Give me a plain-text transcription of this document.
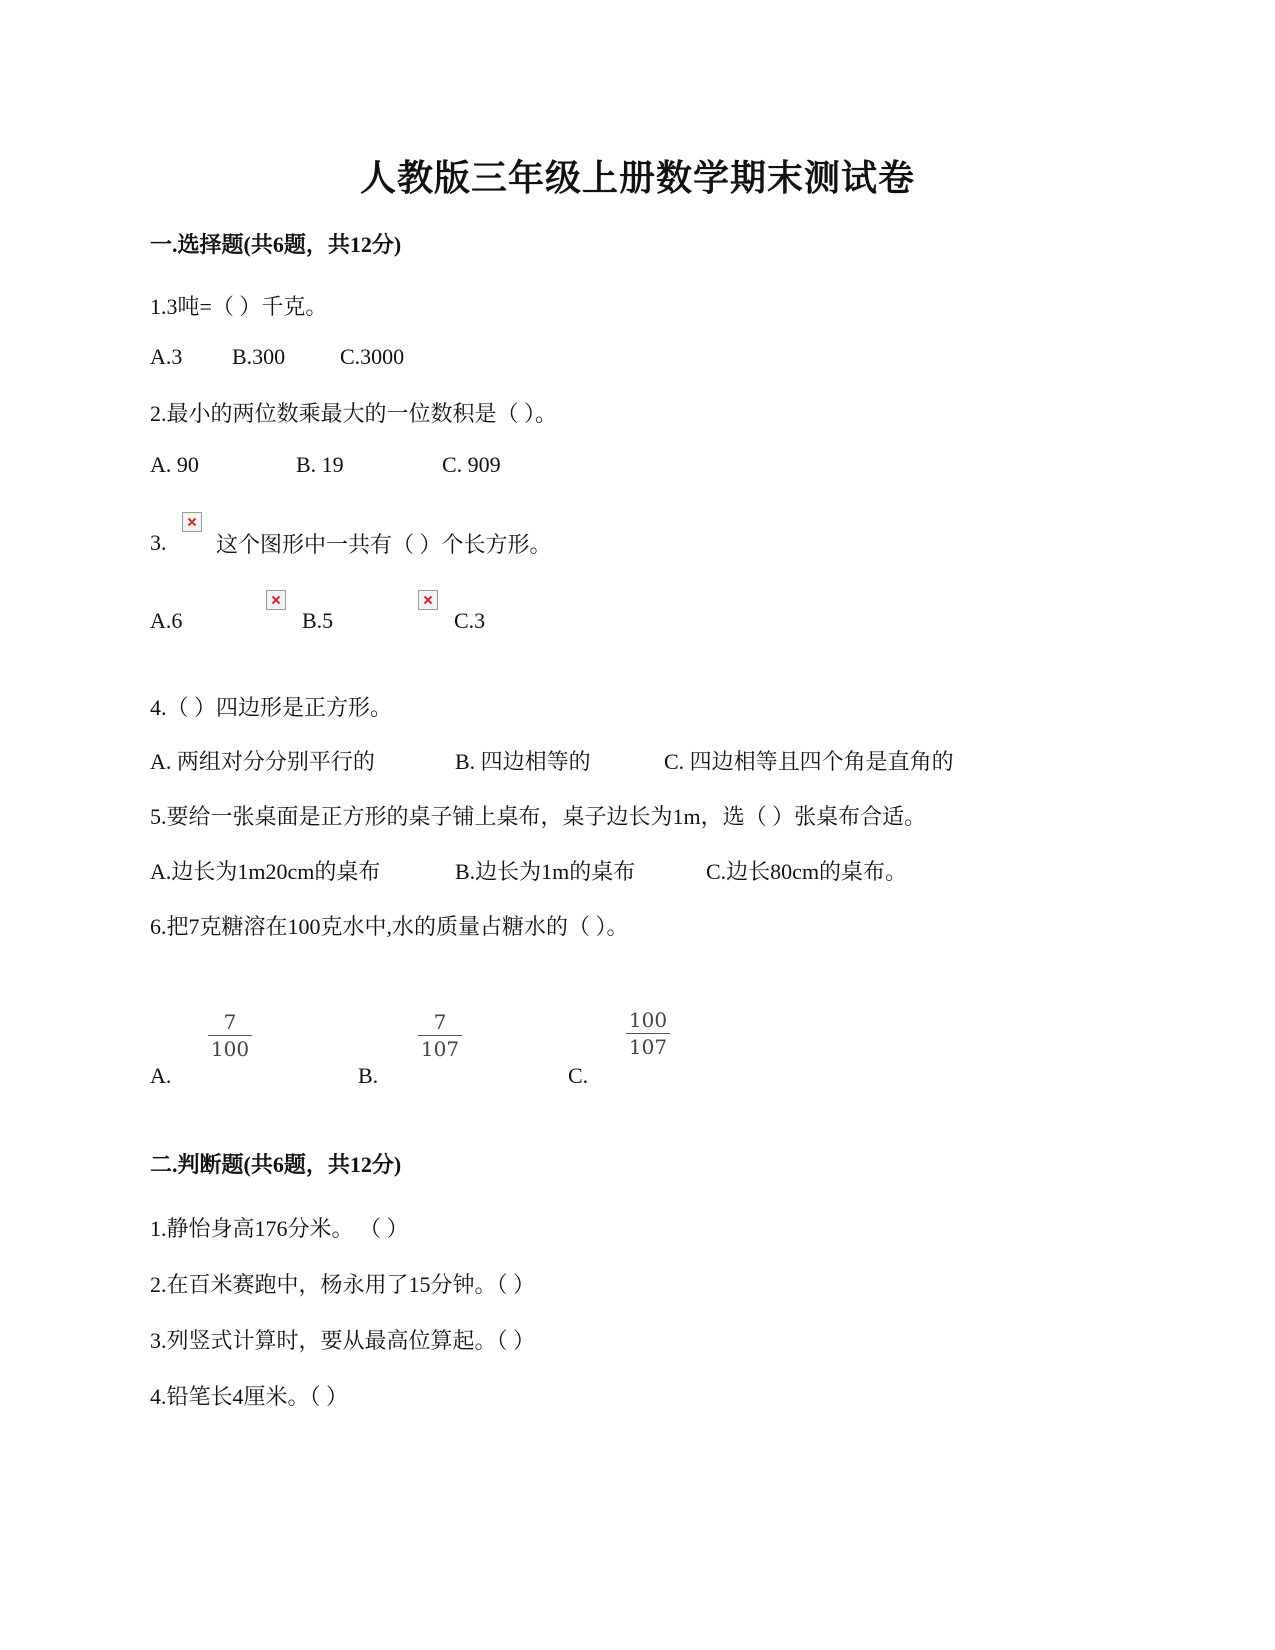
人教版三年级上册数学期末测试卷
一.选择题(共6题，共12分)
1.3吨=（ ）千克。
A.3 B.300 C.3000
2.最小的两位数乘最大的一位数积是（ ）。
A. 90	B. 19	C. 909
3. 这个图形中一共有（ ）个长方形。
A.6	B.5	C.3
4.（ ）四边形是正方形。
A. 两组对分分别平行的	B. 四边相等的	C. 四边相等且四个角是直角的
5.要给一张桌面是正方形的桌子铺上桌布，桌子边长为1m，选（ ）张桌布合适。
A.边长为1m20cm的桌布	B.边长为1m的桌布	C.边长80cm的桌布。
6.把7克糖溶在100克水中,水的质量占糖水的（ ）。
A.
7
100
B.
7
107
C.
100
107
二.判断题(共6题，共12分)
1.静怡身高176分米。 （ ）
2.在百米赛跑中，杨永用了15分钟。（ ）
3.列竖式计算时，要从最高位算起。（ ）
4.铅笔长4厘米。（ ）
